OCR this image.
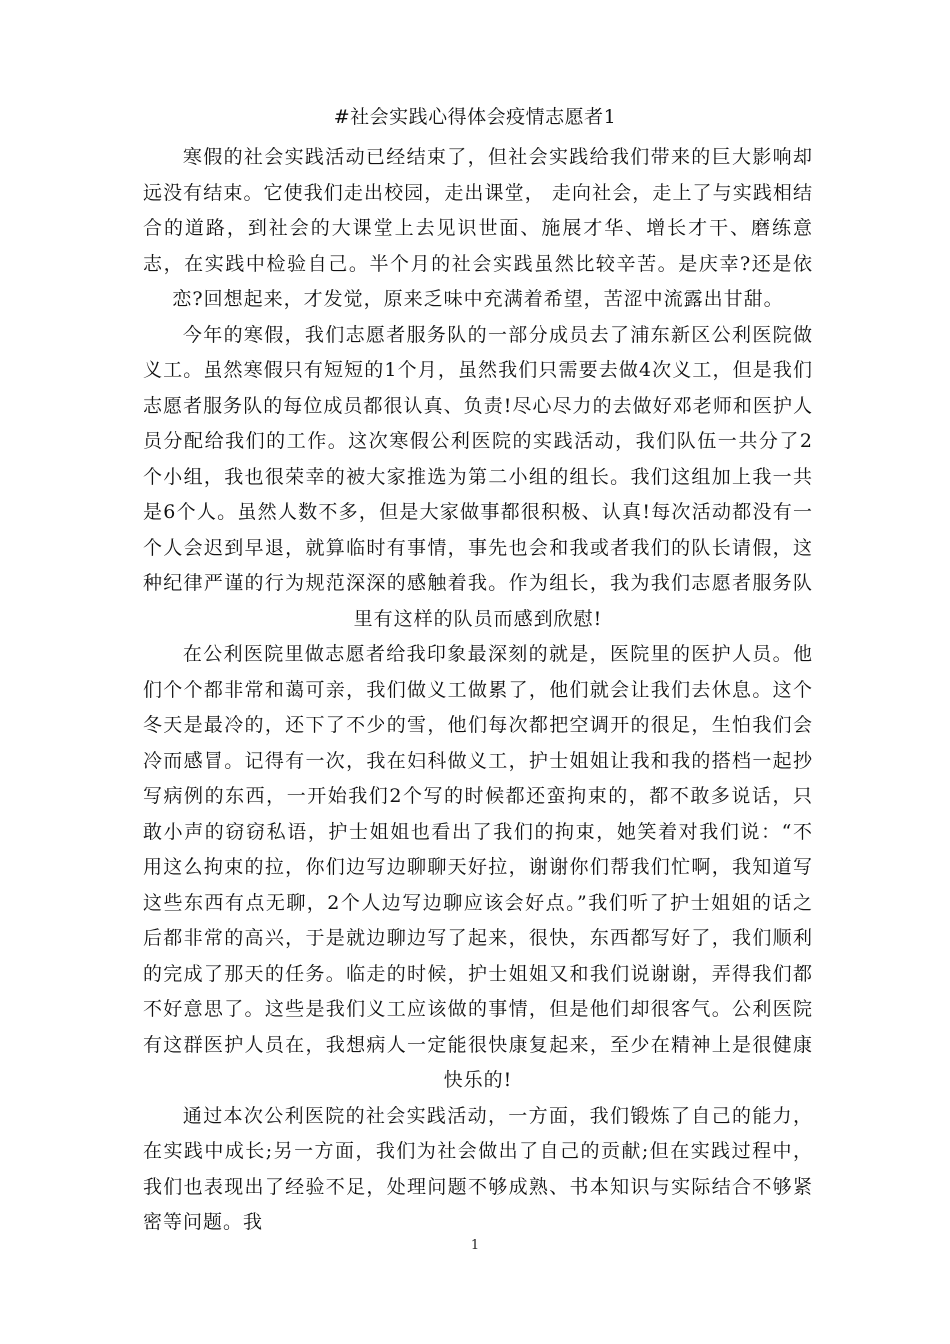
#社会实践心得体会疫情志愿者1

寒假的社会实践活动已经结束了，但社会实践给我们带来的巨大影响却远没有结束。它使我们走出校园，走出课堂， 走向社会，走上了与实践相结合的道路，到社会的大课堂上去见识世面、施展才华、增长才干、磨练意志，在实践中检验自己。半个月的社会实践虽然比较辛苦。是庆幸?还是依恋?回想起来，才发觉，原来乏味中充满着希望，苦涩中流露出甘甜。

今年的寒假，我们志愿者服务队的一部分成员去了浦东新区公利医院做义工。虽然寒假只有短短的1个月，虽然我们只需要去做4次义工，但是我们志愿者服务队的每位成员都很认真、负责!尽心尽力的去做好邓老师和医护人员分配给我们的工作。这次寒假公利医院的实践活动，我们队伍一共分了2个小组，我也很荣幸的被大家推选为第二小组的组长。我们这组加上我一共是6个人。虽然人数不多，但是大家做事都很积极、认真!每次活动都没有一个人会迟到早退，就算临时有事情，事先也会和我或者我们的队长请假，这种纪律严谨的行为规范深深的感触着我。作为组长，我为我们志愿者服务队里有这样的队员而感到欣慰!

在公利医院里做志愿者给我印象最深刻的就是，医院里的医护人员。他们个个都非常和蔼可亲，我们做义工做累了，他们就会让我们去休息。这个冬天是最冷的，还下了不少的雪，他们每次都把空调开的很足，生怕我们会冷而感冒。记得有一次，我在妇科做义工，护士姐姐让我和我的搭档一起抄写病例的东西，一开始我们2个写的时候都还蛮拘束的，都不敢多说话，只敢小声的窃窃私语，护士姐姐也看出了我们的拘束，她笑着对我们说：“不用这么拘束的拉，你们边写边聊聊天好拉，谢谢你们帮我们忙啊，我知道写这些东西有点无聊，2个人边写边聊应该会好点。”我们听了护士姐姐的话之后都非常的高兴，于是就边聊边写了起来，很快，东西都写好了，我们顺利的完成了那天的任务。临走的时候，护士姐姐又和我们说谢谢，弄得我们都不好意思了。这些是我们义工应该做的事情，但是他们却很客气。公利医院有这群医护人员在，我想病人一定能很快康复起来，至少在精神上是很健康快乐的!

通过本次公利医院的社会实践活动，一方面，我们锻炼了自己的能力，在实践中成长;另一方面，我们为社会做出了自己的贡献;但在实践过程中，我们也表现出了经验不足，处理问题不够成熟、书本知识与实际结合不够紧密等问题。我

1
